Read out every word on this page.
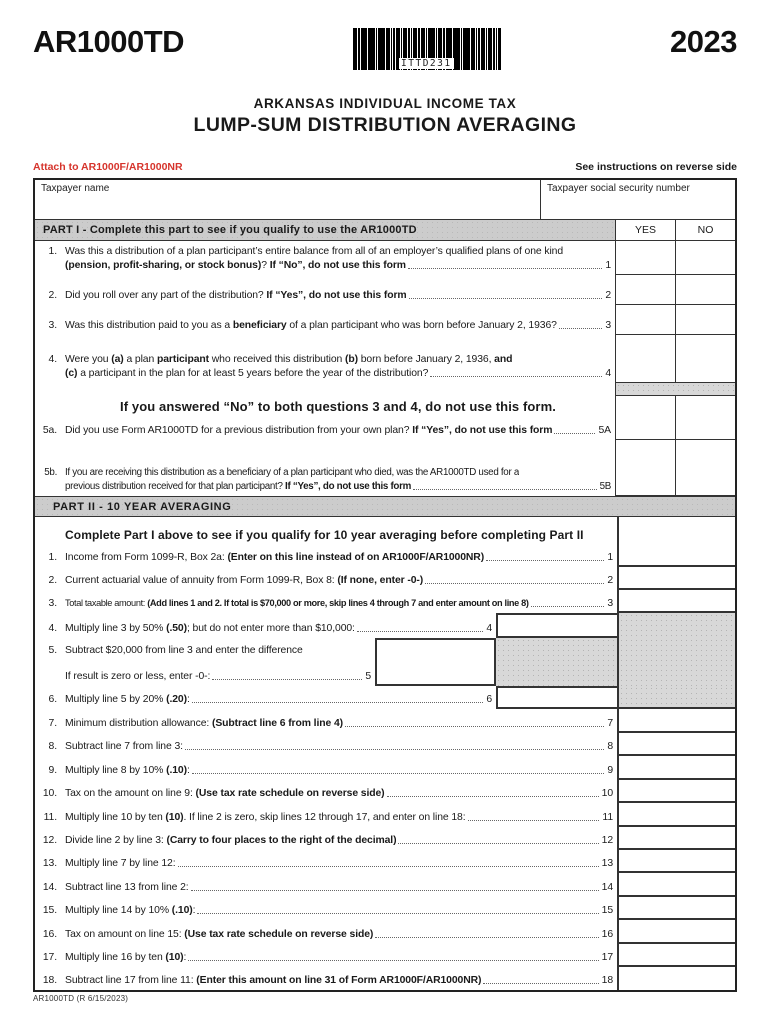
AR1000TD
ITTD231
2023
ARKANSAS INDIVIDUAL INCOME TAX
LUMP-SUM DISTRIBUTION AVERAGING
Attach to AR1000F/AR1000NR	See instructions on reverse side
Taxpayer name	Taxpayer social security number
PART I - Complete this part to see if you qualify to use the AR1000TD	YES	NO
1. Was this a distribution of a plan participant’s entire balance from all of an employer’s qualified plans of one kind
(pension, profit-sharing, or stock bonus)? If “No”, do not use this form	1
2. Did you roll over any part of the distribution? If “Yes”, do not use this form	2
3. Was this distribution paid to you as a beneficiary of a plan participant who was born before January 2, 1936?	3
4. Were you (a) a plan participant who received this distribution (b) born before January 2, 1936, and
(c) a participant in the plan for at least 5 years before the year of the distribution?	4
If you answered “No” to both questions 3 and 4, do not use this form.
5a. Did you use Form AR1000TD for a previous distribution from your own plan? If “Yes”, do not use this form	5A
5b. If you are receiving this distribution as a beneficiary of a plan participant who died, was the AR1000TD used for a
previous distribution received for that plan participant? If “Yes”, do not use this form	5B
PART II - 10 YEAR AVERAGING
Complete Part I above to see if you qualify for 10 year averaging before completing Part II
1. Income from Form 1099-R, Box 2a: (Enter on this line instead of on AR1000F/AR1000NR)	1
2. Current actuarial value of annuity from Form 1099-R, Box 8: (If none, enter -0-)	2
3. Total taxable amount: (Add lines 1 and 2. If total is $70,000 or more, skip lines 4 through 7 and enter amount on line 8)	3
4. Multiply line 3 by 50% (.50); but do not enter more than $10,000:	4
5. Subtract $20,000 from line 3 and enter the difference
If result is zero or less, enter -0-:	5
6. Multiply line 5 by 20% (.20):	6
7. Minimum distribution allowance: (Subtract line 6 from line 4)	7
8. Subtract line 7 from line 3:	8
9. Multiply line 8 by 10% (.10):	9
10. Tax on the amount on line 9: (Use tax rate schedule on reverse side)	10
11. Multiply line 10 by ten (10). If line 2 is zero, skip lines 12 through 17, and enter on line 18:	11
12. Divide line 2 by line 3: (Carry to four places to the right of the decimal)	12
13. Multiply line 7 by line 12:	13
14. Subtract line 13 from line 2:	14
15. Multiply line 14 by 10% (.10):	15
16. Tax on amount on line 15: (Use tax rate schedule on reverse side)	16
17. Multiply line 16 by ten (10):	17
18. Subtract line 17 from line 11: (Enter this amount on line 31 of Form AR1000F/AR1000NR)	18
AR1000TD (R 6/15/2023)
